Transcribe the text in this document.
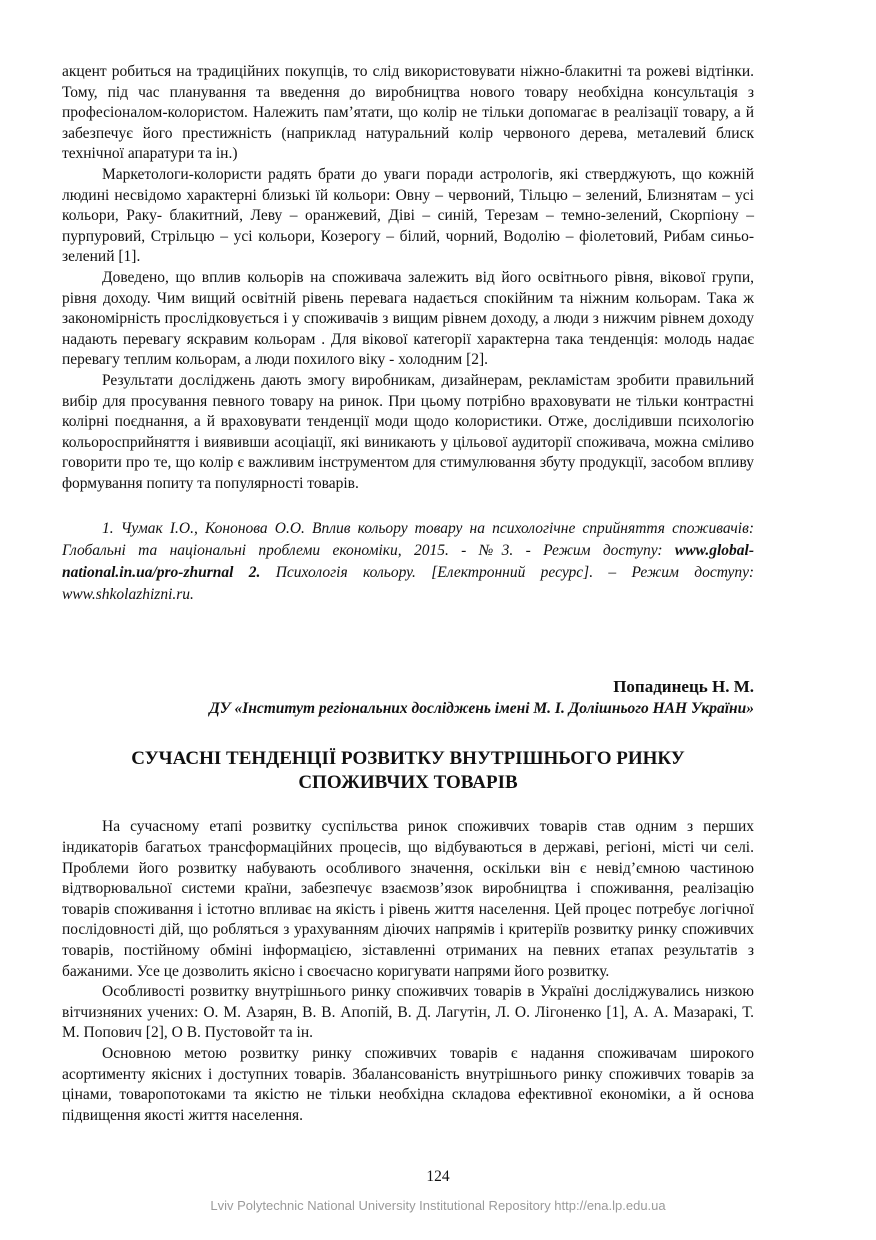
акцент робиться на традиційних покупців, то слід використовувати ніжно-блакитні та рожеві відтінки. Тому, під час планування та введення до виробництва нового товару необхідна консультація з професіоналом-колористом. Належить пам’ятати, що колір не тільки допомагає в реалізації товару, а й забезпечує його престижність (наприклад натуральний колір червоного дерева, металевий блиск технічної апаратури та ін.)

Маркетологи-колористи радять брати до уваги поради астрологів, які стверджують, що кожній людині несвідомо характерні близькі їй кольори: Овну – червоний, Тільцю – зелений, Близнятам – усі кольори, Раку- блакитний, Леву – оранжевий, Діві – синій, Терезам – темно-зелений, Скорпіону – пурпуровий, Стрільцю – усі кольори, Козерогу – білий, чорний, Водолію – фіолетовий, Рибам синьо-зелений [1].

Доведено, що вплив кольорів на споживача залежить від його освітнього рівня, вікової групи, рівня доходу. Чим вищий освітній рівень перевага надається спокійним та ніжним кольорам. Така ж закономірність прослідковується і у споживачів з вищим рівнем доходу, а люди з нижчим рівнем доходу надають перевагу яскравим кольорам . Для вікової категорії характерна така тенденція: молодь надає перевагу теплим кольорам, а люди похилого віку - холодним [2].

Результати досліджень дають змогу виробникам, дизайнерам, рекламістам зробити правильний вибір для просування певного товару на ринок. При цьому потрібно враховувати не тільки контрастні колірні поєднання, а й враховувати тенденції моди щодо колористики. Отже, дослідивши психологію кольоросприйняття і виявивши асоціації, які виникають у цільової аудиторії споживача, можна сміливо говорити про те, що колір є важливим інструментом для стимулювання збуту продукції, засобом впливу формування попиту та популярності товарів.

1. Чумак І.О., Кононова О.О. Вплив кольору товару на психологічне сприйняття споживачів: Глобальні та національні проблеми економіки, 2015. - №3. - Режим доступу: www.global-national.in.ua/pro-zhurnal 2. Психологія кольору. [Електронний ресурс]. – Режим доступу: www.shkolazhizni.ru.

Попадинець Н. М.
ДУ «Інститут регіональних досліджень імені М. І. Долішнього НАН України»
СУЧАСНІ ТЕНДЕНЦІЇ РОЗВИТКУ ВНУТРІШНЬОГО РИНКУ
СПОЖИВЧИХ ТОВАРІВ

На сучасному етапі розвитку суспільства ринок споживчих товарів став одним з перших індикаторів багатьох трансформаційних процесів, що відбуваються в державі, регіоні, місті чи селі. Проблеми його розвитку набувають особливого значення, оскільки він є невід’ємною частиною відтворювальної системи країни, забезпечує взаємозв’язок виробництва і споживання, реалізацію товарів споживання і істотно впливає на якість і рівень життя населення. Цей процес потребує логічної послідовності дій, що робляться з урахуванням діючих напрямів і критеріїв розвитку ринку споживчих товарів, постійному обміні інформацією, зіставленні отриманих на певних етапах результатів з бажаними. Усе це дозволить якісно і своєчасно коригувати напрями його розвитку.

Особливості розвитку внутрішнього ринку споживчих товарів в Україні досліджувались низкою вітчизняних учених: О. М. Азарян, В. В. Апопій, В. Д. Лагутін, Л. О. Лігоненко [1], А. А. Мазаракі, Т. М. Попович [2], О В. Пустовойт та ін.

Основною метою розвитку ринку споживчих товарів є надання споживачам широкого асортименту якісних і доступних товарів. Збалансованість внутрішнього ринку споживчих товарів за цінами, товаропотоками та якістю не тільки необхідна складова ефективної економіки, а й основа підвищення якості життя населення.

124
Lviv Polytechnic National University Institutional Repository http://ena.lp.edu.ua
